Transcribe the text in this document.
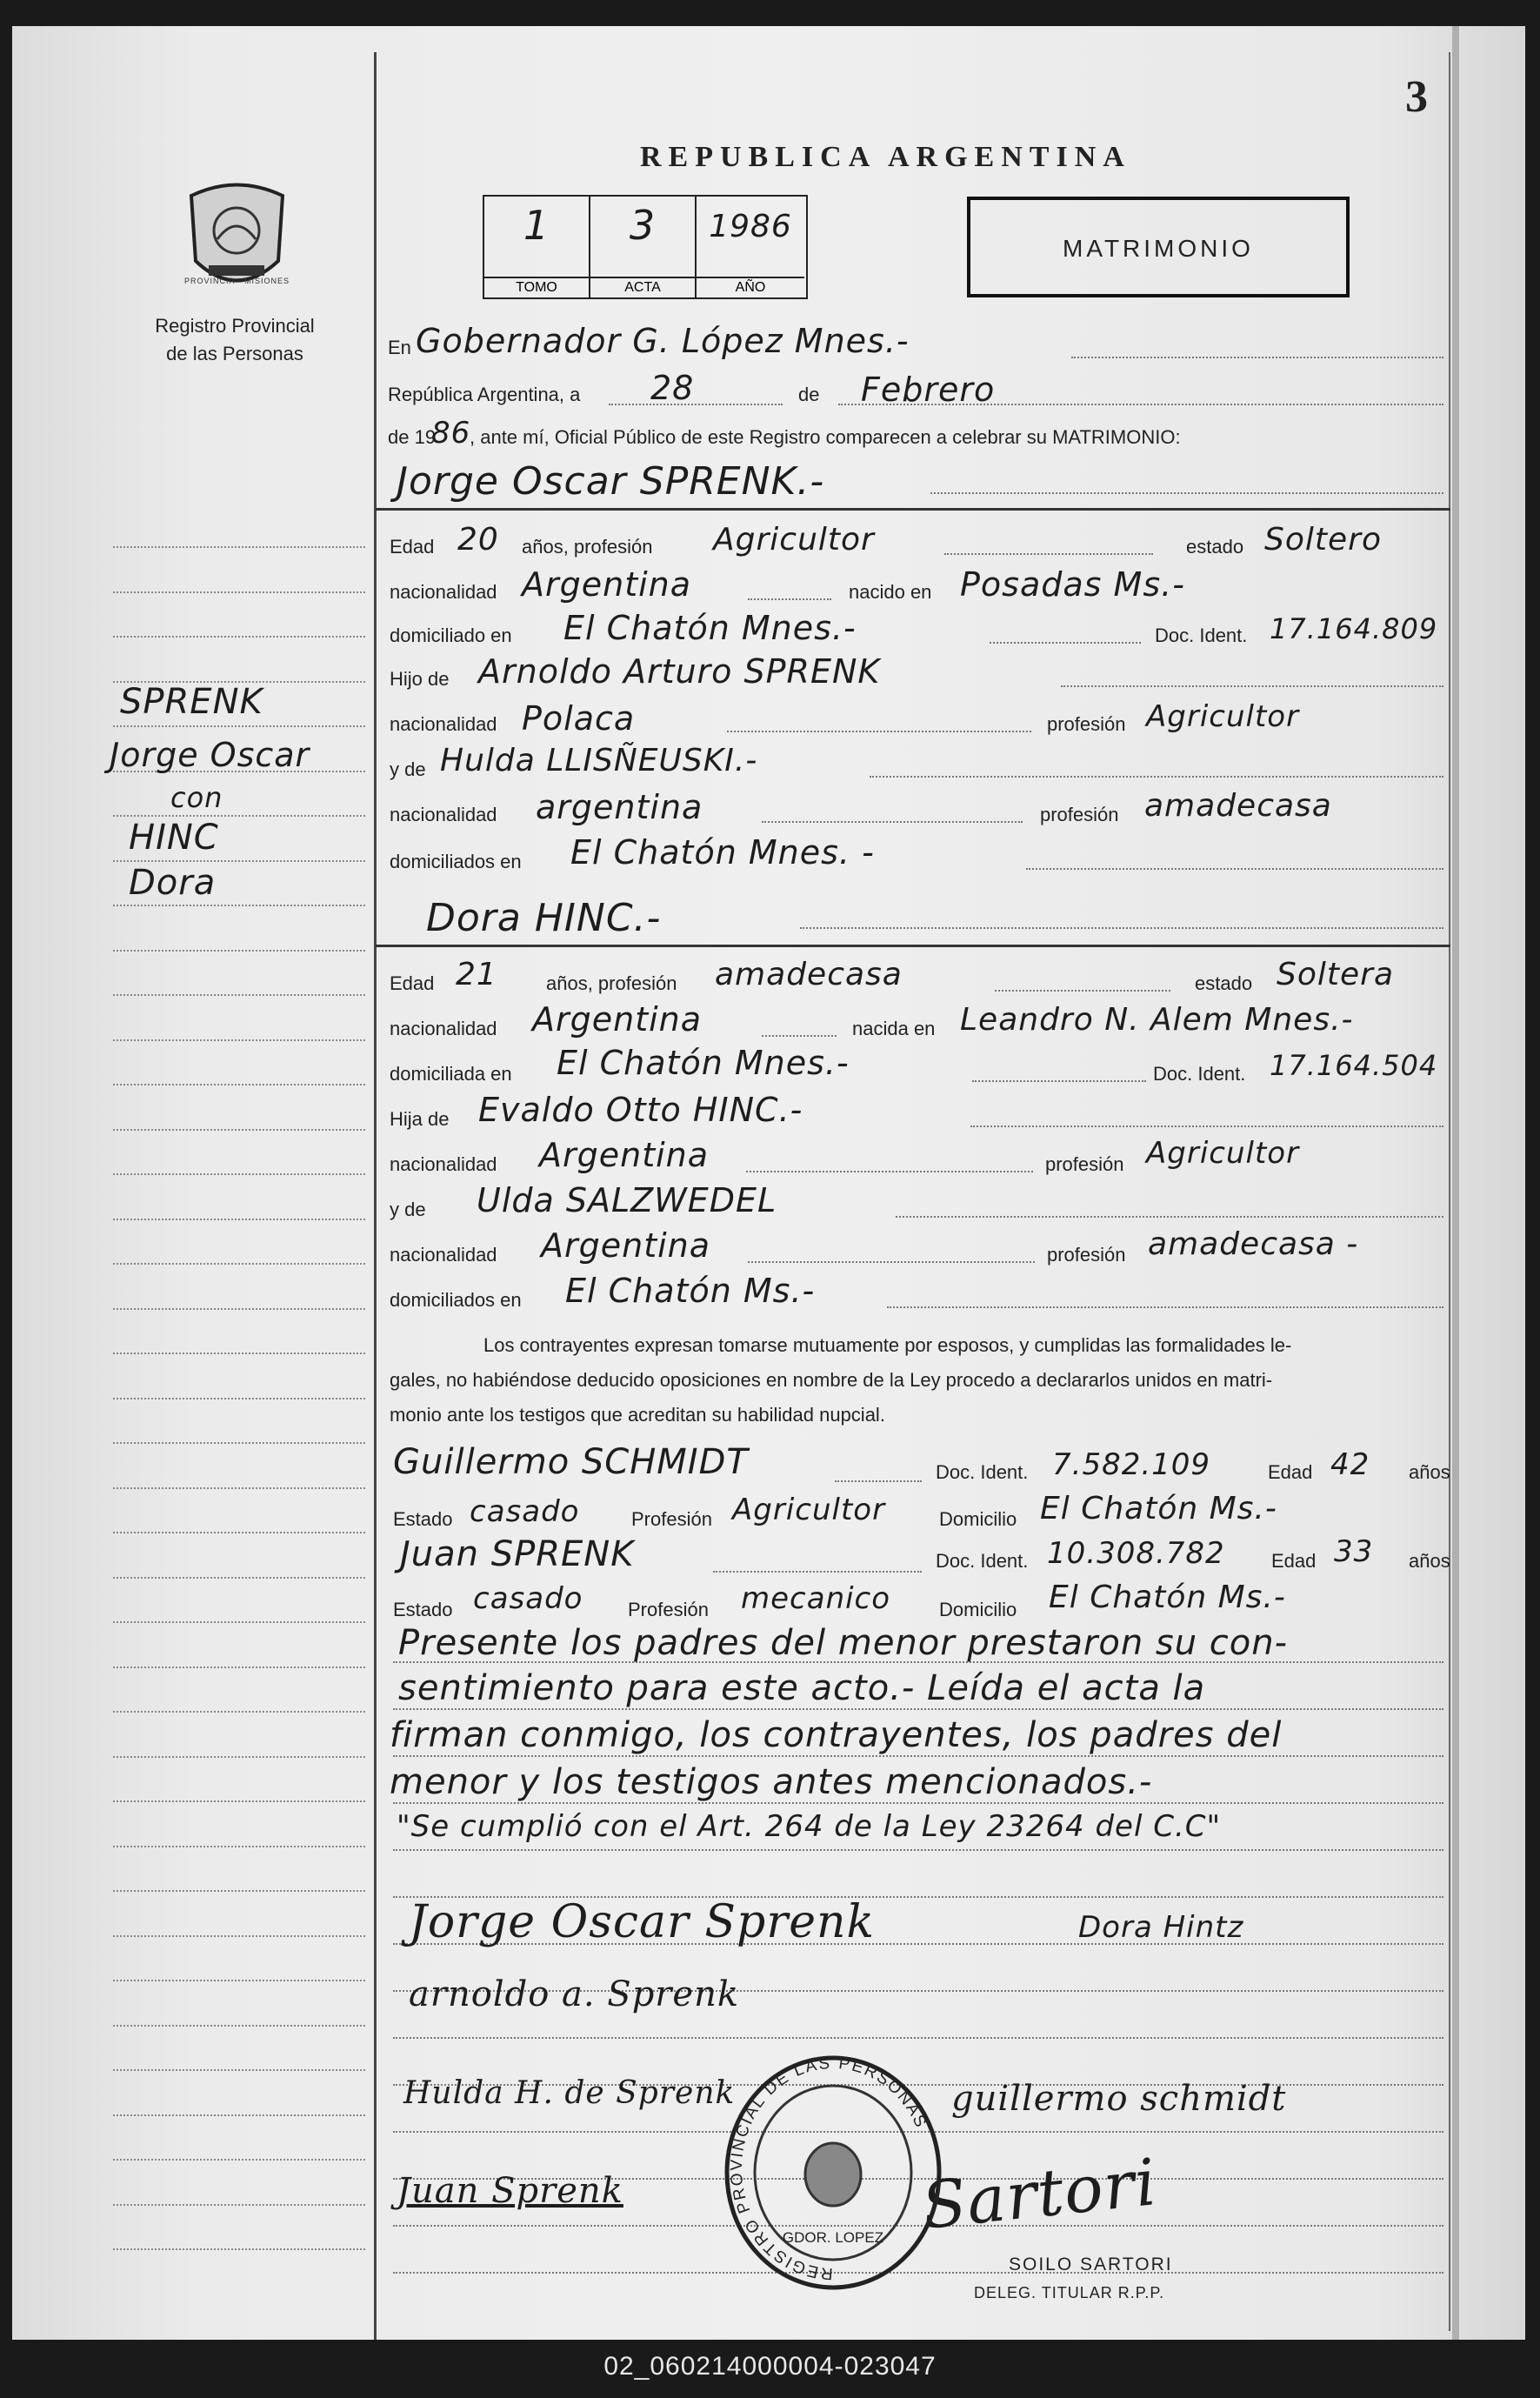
3
REPUBLICA ARGENTINA
PROVINCIA · MISIONES
Registro Provincial
de las Personas
1
TOMO
3
ACTA
1986
AÑO
MATRIMONIO
SPRENK
Jorge Oscar
con
HINC
Dora
En Gobernador G. López Mnes.-
República Argentina, a 28	de Febrero
de 19
86
, ante mí, Oficial Público de este Registro comparecen a celebrar su MATRIMONIO:
Jorge Oscar SPRENK.-
Edad 20 años, profesión Agricultor	estado Soltero
nacionalidad Argentina	nacido en Posadas Ms.-
domiciliado en El Chatón Mnes.-	Doc. Ident. 17.164.809
Hijo de Arnoldo Arturo SPRENK
nacionalidad Polaca	profesión Agricultor
y de Hulda LLISÑEUSKI.-
nacionalidad argentina	profesión amadecasa
domiciliados en El Chatón Mnes. -
Dora HINC.-
Edad 21	años, profesión amadecasa	estado Soltera
nacionalidad Argentina	nacida en Leandro N. Alem Mnes.-
domiciliada en El Chatón Mnes.-	Doc. Ident. 17.164.504
Hija de Evaldo Otto HINC.-
nacionalidad Argentina	profesión Agricultor
y de Ulda SALZWEDEL
nacionalidad Argentina	profesión amadecasa -
domiciliados en El Chatón Ms.-
Los contrayentes expresan tomarse mutuamente por esposos, y cumplidas las formalidades le-
gales, no habiéndose deducido oposiciones en nombre de la Ley procedo a declararlos unidos en matri-
monio ante los testigos que acreditan su habilidad nupcial.
Guillermo SCHMIDT	Doc. Ident. 7.582.109	Edad 42 años
Estado casado	Profesión Agricultor	Domicilio El Chatón Ms.-
Juan SPRENK	Doc. Ident. 10.308.782 Edad 33 años
Estado casado Profesión mecanico	Domicilio El Chatón Ms.-
Presente los padres del menor prestaron su con-
sentimiento para este acto.- Leída el acta la
firman conmigo, los contrayentes, los padres del
menor y los testigos antes mencionados.-
"Se cumplió con el Art. 264 de la Ley 23264 del C.C"
Jorge Oscar Sprenk	Dora Hintz
arnoldo a. Sprenk
Hulda H. de Sprenk	guillermo schmidt
Juan Sprenk	Sartori
REGISTRO PROVINCIAL DE LAS PERSONAS
GDOR. LOPEZ
SOILO SARTORI
DELEG. TITULAR R.P.P.
02_060214000004-023047
